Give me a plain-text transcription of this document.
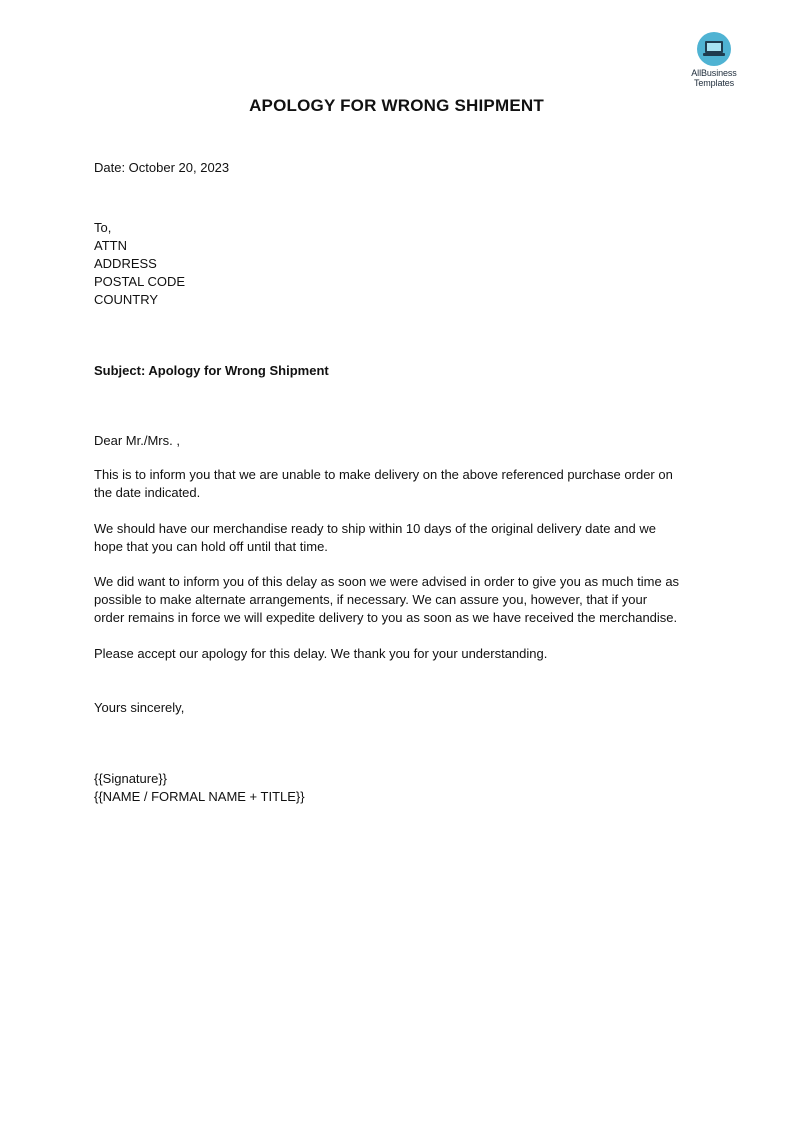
AllBusiness
Templates
APOLOGY FOR WRONG SHIPMENT
Date: October 20, 2023
To,
ATTN
ADDRESS
POSTAL CODE
COUNTRY
Subject: Apology for Wrong Shipment
Dear Mr./Mrs. ,
This is to inform you that we are unable to make delivery on the above referenced purchase order on
the date indicated.
We should have our merchandise ready to ship within 10 days of the original delivery date and we
hope that you can hold off until that time.
We did want to inform you of this delay as soon we were advised in order to give you as much time as
possible to make alternate arrangements, if necessary. We can assure you, however, that if your
order remains in force we will expedite delivery to you as soon as we have received the merchandise.
Please accept our apology for this delay. We thank you for your understanding.
Yours sincerely,
{{Signature}}
{{NAME / FORMAL NAME + TITLE}}
